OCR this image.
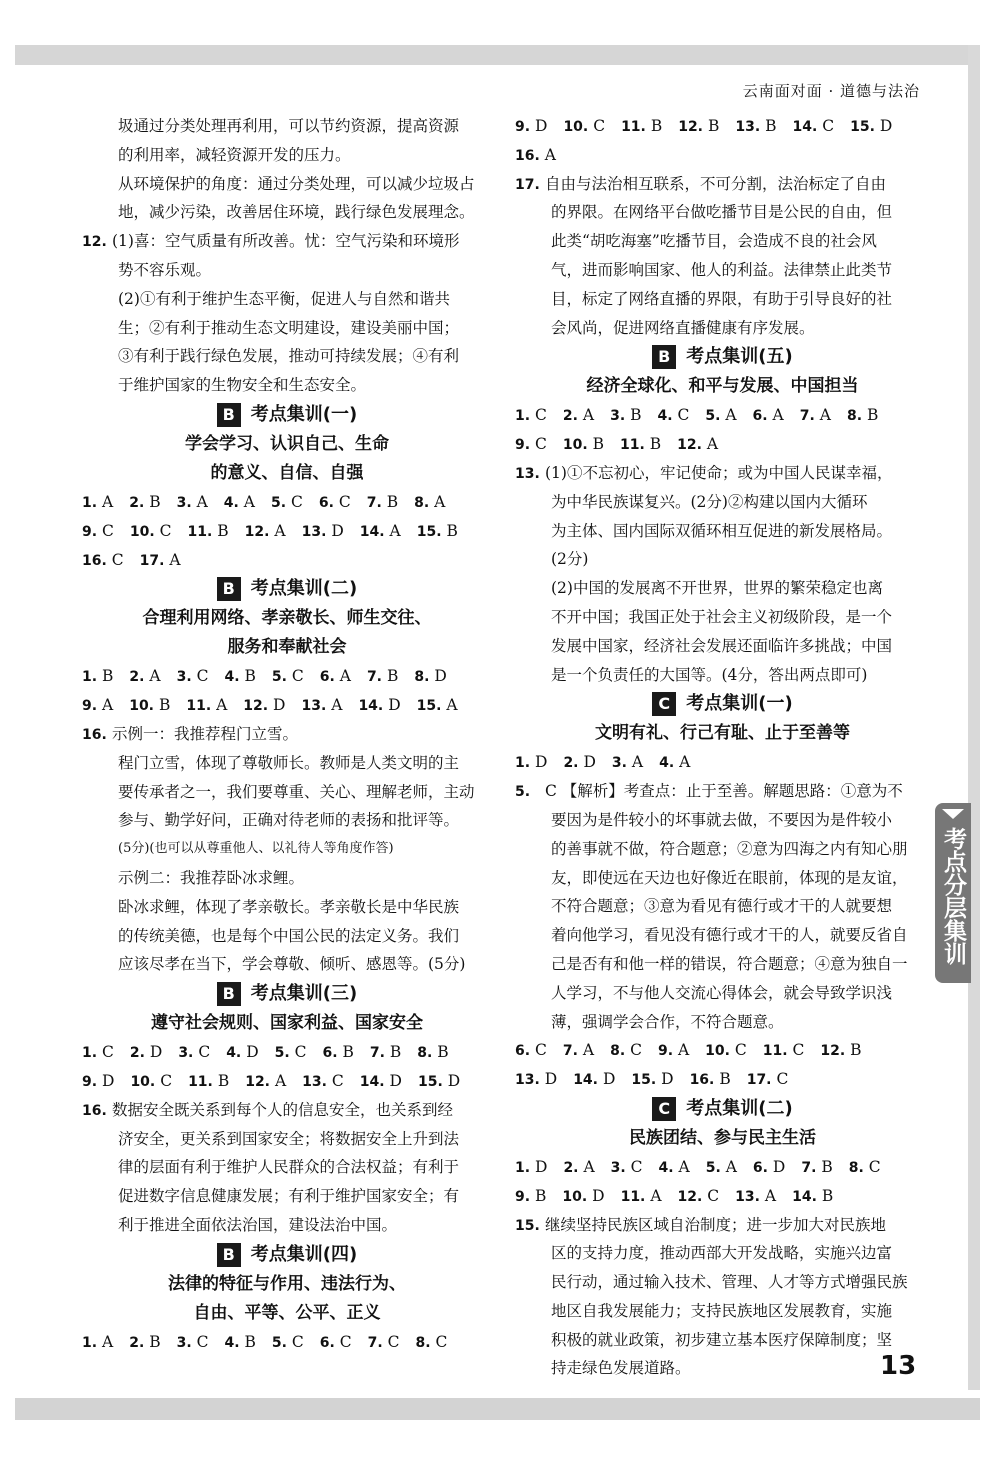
云南面对面 · 道德与法治
圾通过分类处理再利用，可以节约资源，提高资源
的利用率，减轻资源开发的压力。
从环境保护的角度：通过分类处理，可以减少垃圾占
地，减少污染，改善居住环境，践行绿色发展理念。
12. (1)喜：空气质量有所改善。忧：空气污染和环境形
势不容乐观。
(2)①有利于维护生态平衡，促进人与自然和谐共
生；②有利于推动生态文明建设，建设美丽中国；
③有利于践行绿色发展，推动可持续发展；④有利
于维护国家的生物安全和生态安全。
B 考点集训(一)
学会学习、认识自己、生命
的意义、自信、自强
1. A 2. B 3. A 4. A 5. C 6. C 7. B 8. A
9. C 10. C 11. B 12. A 13. D 14. A 15. B
16. C 17. A
B 考点集训(二)
合理利用网络、孝亲敬长、师生交往、
服务和奉献社会
1. B 2. A 3. C 4. B 5. C 6. A 7. B 8. D
9. A 10. B 11. A 12. D 13. A 14. D 15. A
16. 示例一：我推荐程门立雪。
程门立雪，体现了尊敬师长。教师是人类文明的主
要传承者之一，我们要尊重、关心、理解老师，主动
参与、勤学好问，正确对待老师的表扬和批评等。
(5分)(也可以从尊重他人、以礼待人等角度作答)
示例二：我推荐卧冰求鲤。
卧冰求鲤，体现了孝亲敬长。孝亲敬长是中华民族
的传统美德，也是每个中国公民的法定义务。我们
应该尽孝在当下，学会尊敬、倾听、感恩等。(5分)
B 考点集训(三)
遵守社会规则、国家利益、国家安全
1. C 2. D 3. C 4. D 5. C 6. B 7. B 8. B
9. D 10. C 11. B 12. A 13. C 14. D 15. D
16. 数据安全既关系到每个人的信息安全，也关系到经
济安全，更关系到国家安全；将数据安全上升到法
律的层面有利于维护人民群众的合法权益；有利于
促进数字信息健康发展；有利于维护国家安全；有
利于推进全面依法治国，建设法治中国。
B 考点集训(四)
法律的特征与作用、违法行为、
自由、平等、公平、正义
1. A 2. B 3. C 4. B 5. C 6. C 7. C 8. C
9. D 10. C 11. B 12. B 13. B 14. C 15. D
16. A
17. 自由与法治相互联系，不可分割，法治标定了自由
的界限。在网络平台做吃播节目是公民的自由，但
此类“胡吃海塞”吃播节目，会造成不良的社会风
气，进而影响国家、他人的利益。法律禁止此类节
目，标定了网络直播的界限，有助于引导良好的社
会风尚，促进网络直播健康有序发展。
B 考点集训(五)
经济全球化、和平与发展、中国担当
1. C 2. A 3. B 4. C 5. A 6. A 7. A 8. B
9. C 10. B 11. B 12. A
13. (1)①不忘初心，牢记使命；或为中国人民谋幸福，
为中华民族谋复兴。(2分)②构建以国内大循环
为主体、国内国际双循环相互促进的新发展格局。
(2分)
(2)中国的发展离不开世界，世界的繁荣稳定也离
不开中国；我国正处于社会主义初级阶段，是一个
发展中国家，经济社会发展还面临许多挑战；中国
是一个负责任的大国等。(4分，答出两点即可)
C 考点集训(一)
文明有礼、行己有耻、止于至善等
1. D 2. D 3. A 4. A
5. C 【解析】考查点：止于至善。解题思路：①意为不
要因为是件较小的坏事就去做，不要因为是件较小
的善事就不做，符合题意；②意为四海之内有知心朋
友，即使远在天边也好像近在眼前，体现的是友谊，
不符合题意；③意为看见有德行或才干的人就要想
着向他学习，看见没有德行或才干的人，就要反省自
己是否有和他一样的错误，符合题意；④意为独自一
人学习，不与他人交流心得体会，就会导致学识浅
薄，强调学会合作，不符合题意。
6. C 7. A 8. C 9. A 10. C 11. C 12. B
13. D 14. D 15. D 16. B 17. C
C 考点集训(二)
民族团结、参与民主生活
1. D 2. A 3. C 4. A 5. A 6. D 7. B 8. C
9. B 10. D 11. A 12. C 13. A 14. B
15. 继续坚持民族区域自治制度；进一步加大对民族地
区的支持力度，推动西部大开发战略，实施兴边富
民行动，通过输入技术、管理、人才等方式增强民族
地区自我发展能力；支持民族地区发展教育，实施
积极的就业政策，初步建立基本医疗保障制度；坚
持走绿色发展道路。
考点分层集训
13
